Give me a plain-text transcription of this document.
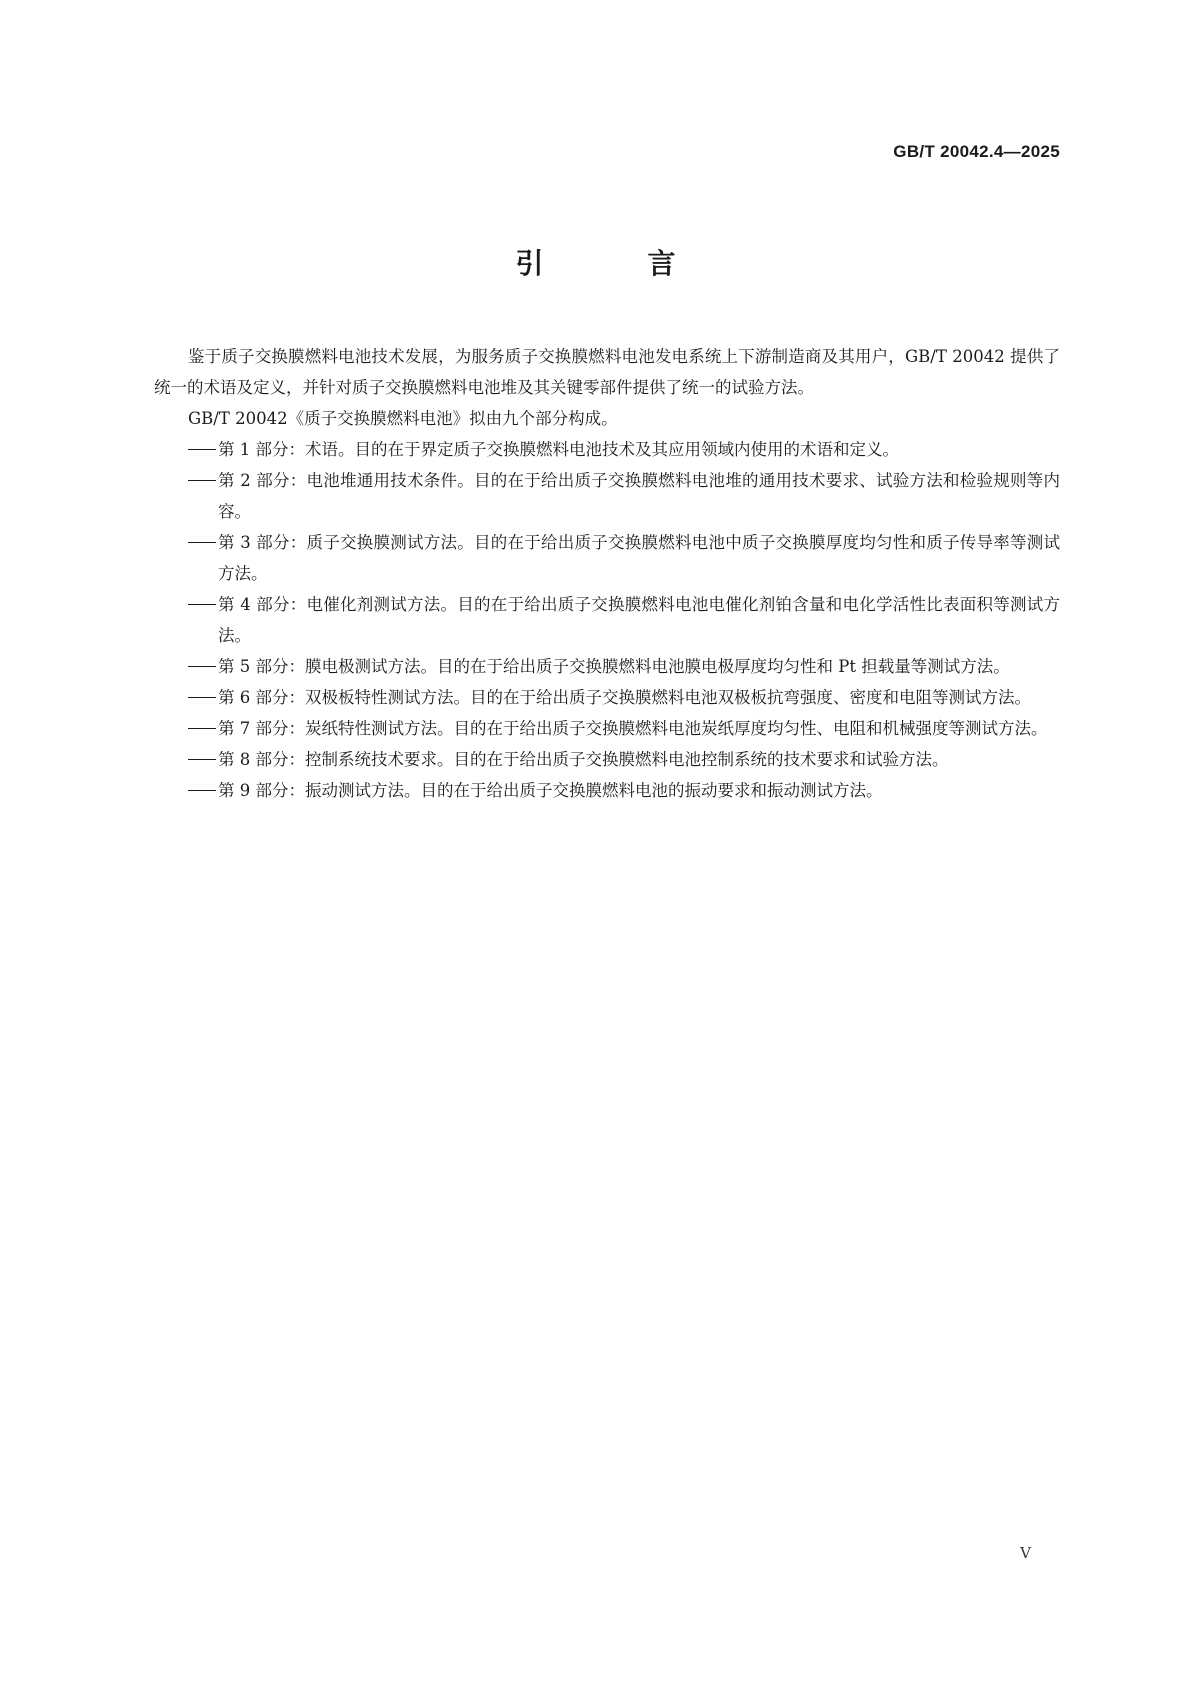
GB/T 20042.4—2025
引　言

鉴于质子交换膜燃料电池技术发展，为服务质子交换膜燃料电池发电系统上下游制造商及其用户，GB/T 20042 提供了统一的术语及定义，并针对质子交换膜燃料电池堆及其关键零部件提供了统一的试验方法。

GB/T 20042《质子交换膜燃料电池》拟由九个部分构成。

第 1 部分：术语。目的在于界定质子交换膜燃料电池技术及其应用领域内使用的术语和定义。
第 2 部分：电池堆通用技术条件。目的在于给出质子交换膜燃料电池堆的通用技术要求、试验方法和检验规则等内容。
第 3 部分：质子交换膜测试方法。目的在于给出质子交换膜燃料电池中质子交换膜厚度均匀性和质子传导率等测试方法。
第 4 部分：电催化剂测试方法。目的在于给出质子交换膜燃料电池电催化剂铂含量和电化学活性比表面积等测试方法。
第 5 部分：膜电极测试方法。目的在于给出质子交换膜燃料电池膜电极厚度均匀性和 Pt 担载量等测试方法。
第 6 部分：双极板特性测试方法。目的在于给出质子交换膜燃料电池双极板抗弯强度、密度和电阻等测试方法。
第 7 部分：炭纸特性测试方法。目的在于给出质子交换膜燃料电池炭纸厚度均匀性、电阻和机械强度等测试方法。
第 8 部分：控制系统技术要求。目的在于给出质子交换膜燃料电池控制系统的技术要求和试验方法。
第 9 部分：振动测试方法。目的在于给出质子交换膜燃料电池的振动要求和振动测试方法。
V
